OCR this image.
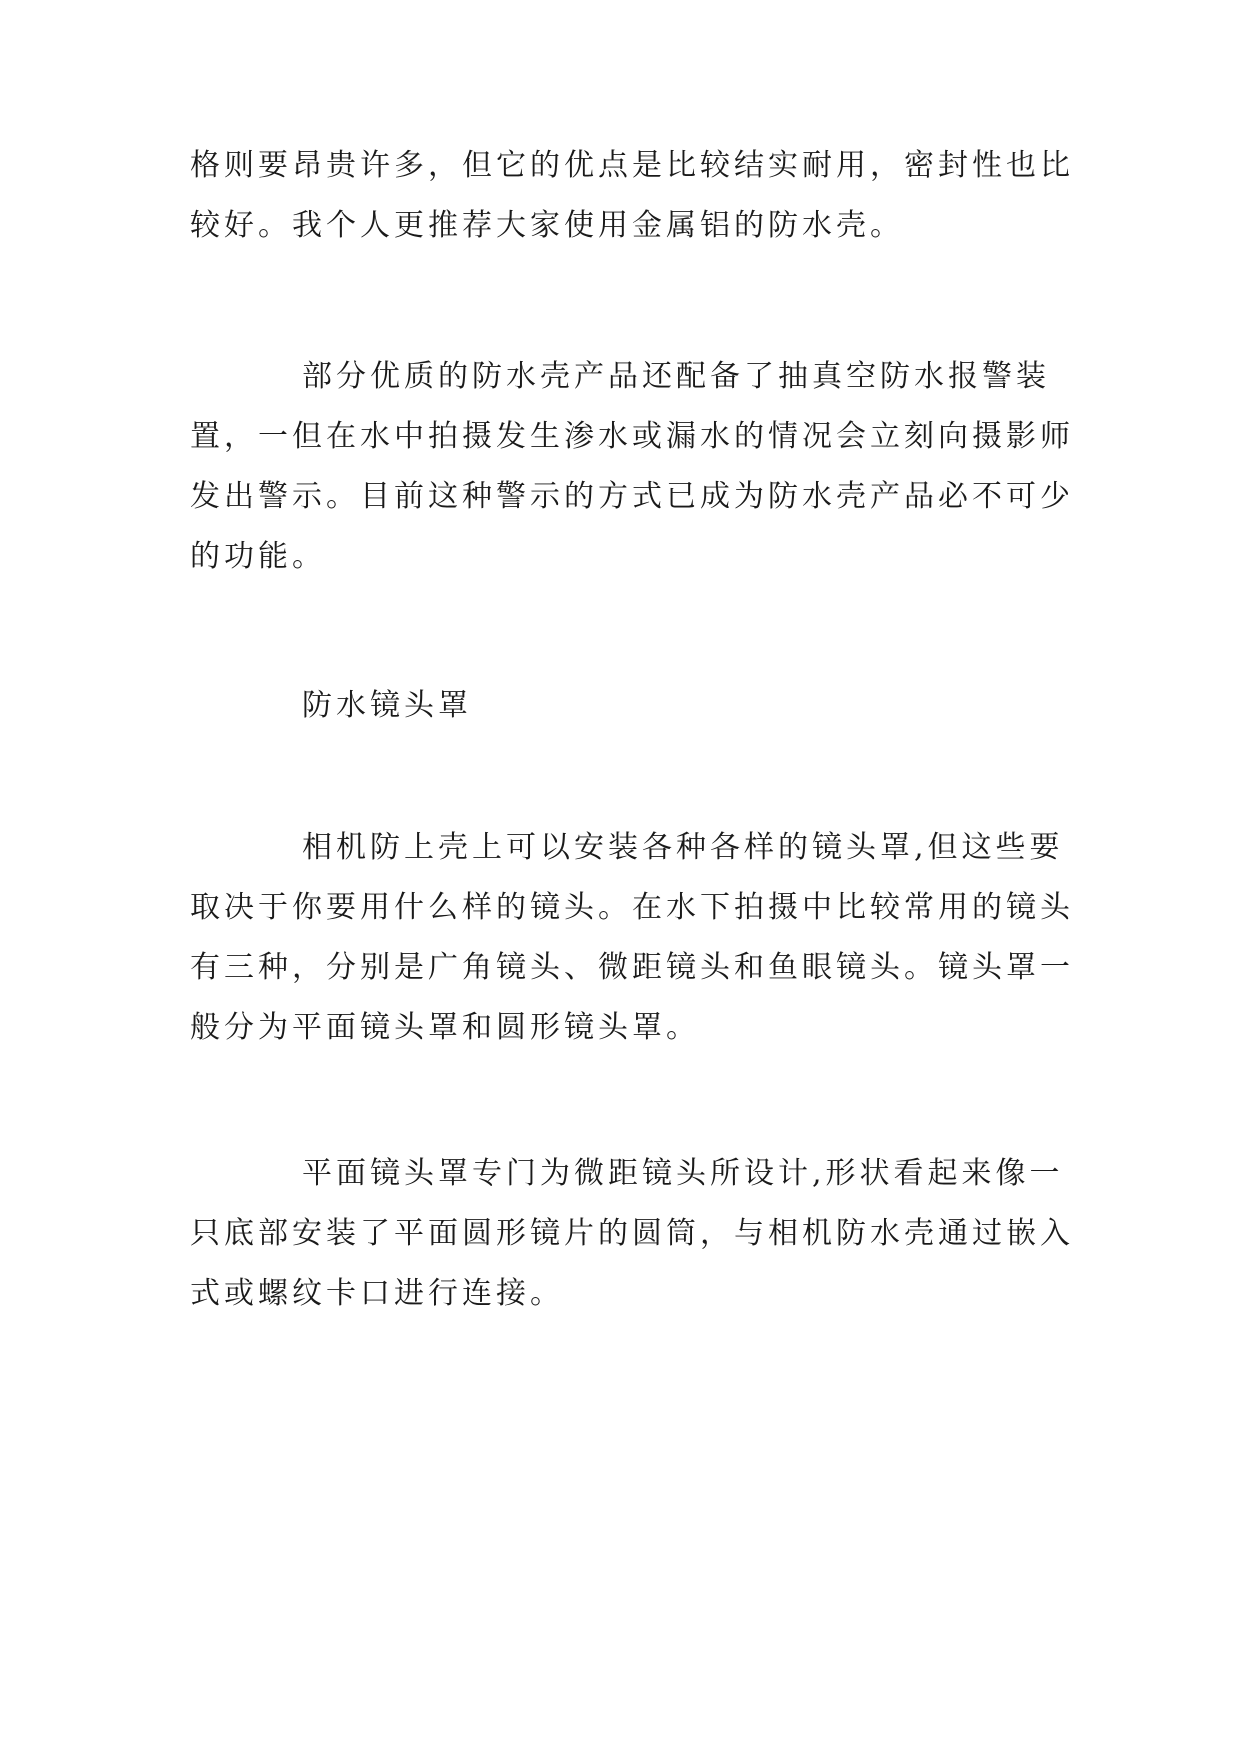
格则要昂贵许多，但它的优点是比较结实耐用，密封性也比
较好。我个人更推荐大家使用金属铝的防水壳。
部分优质的防水壳产品还配备了抽真空防水报警装
置，一但在水中拍摄发生渗水或漏水的情况会立刻向摄影师
发出警示。目前这种警示的方式已成为防水壳产品必不可少
的功能。
防水镜头罩
相机防上壳上可以安装各种各样的镜头罩,但这些要
取决于你要用什么样的镜头。在水下拍摄中比较常用的镜头
有三种，分别是广角镜头、微距镜头和鱼眼镜头。镜头罩一
般分为平面镜头罩和圆形镜头罩。
平面镜头罩专门为微距镜头所设计,形状看起来像一
只底部安装了平面圆形镜片的圆筒，与相机防水壳通过嵌入
式或螺纹卡口进行连接。
